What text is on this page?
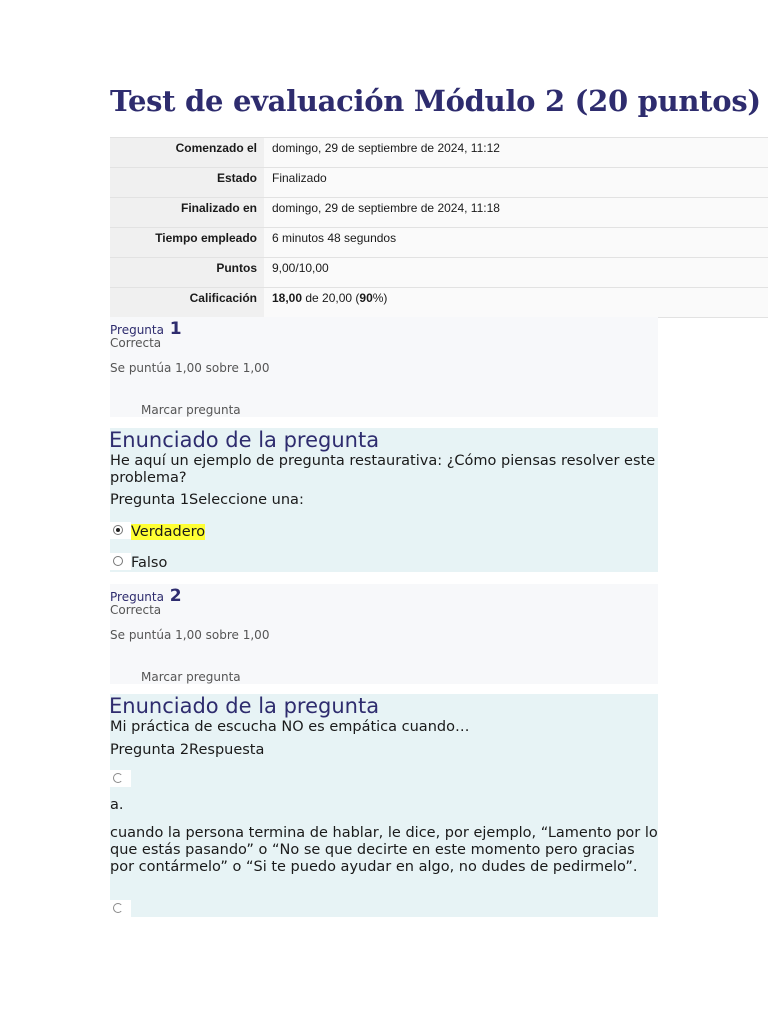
Test de evaluación Módulo 2 (20 puntos)
Comenzado el	domingo, 29 de septiembre de 2024, 11:12
Estado	Finalizado
Finalizado en	domingo, 29 de septiembre de 2024, 11:18
Tiempo empleado	6 minutos 48 segundos
Puntos	9,00/10,00
Calificación	18,00 de 20,00 (90%)
Pregunta 1
Correcta
Se puntúa 1,00 sobre 1,00
Marcar pregunta
Enunciado de la pregunta
He aquí un ejemplo de pregunta restaurativa: ¿Cómo piensas resolver este problema?
Pregunta 1Seleccione una:
Verdadero
Falso
Pregunta 2
Correcta
Se puntúa 1,00 sobre 1,00
Marcar pregunta
Enunciado de la pregunta
Mi práctica de escucha NO es empática cuando…
Pregunta 2Respuesta
a.
cuando la persona termina de hablar, le dice, por ejemplo, “Lamento por lo que estás pasando” o “No se que decirte en este momento pero gracias por contármelo” o “Si te puedo ayudar en algo, no dudes de pedirmelo”.
